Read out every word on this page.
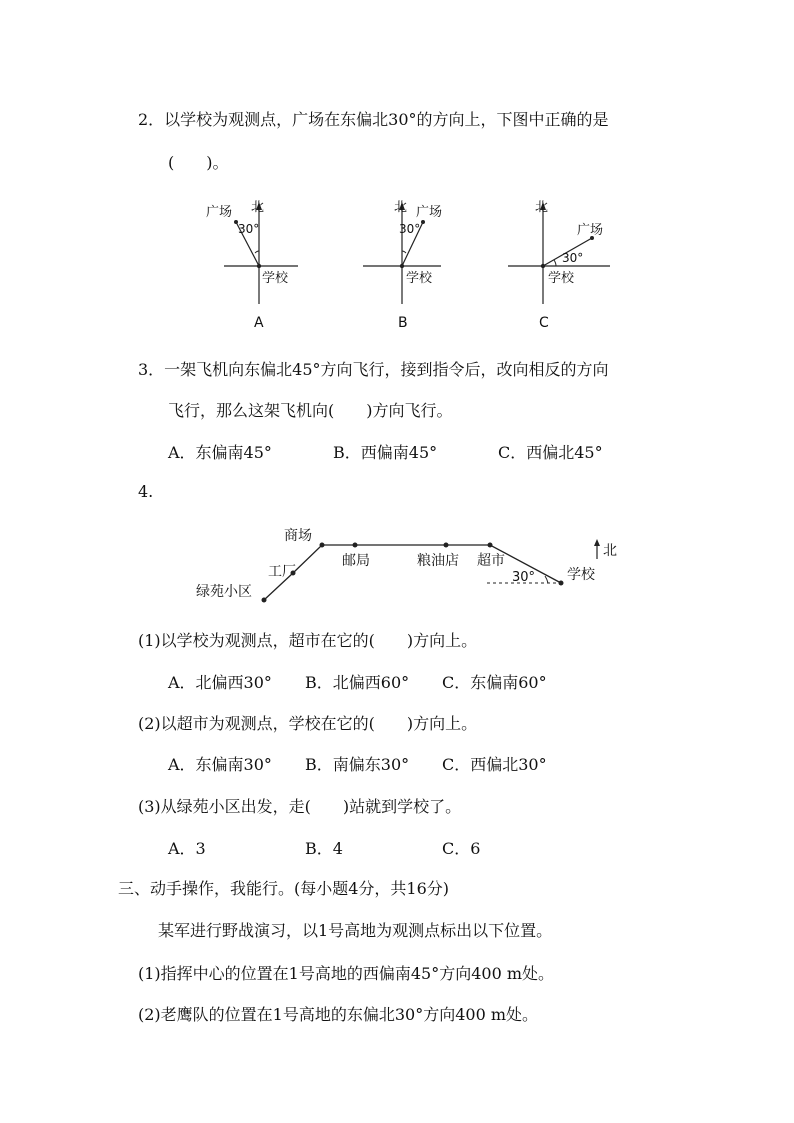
2．以学校为观测点，广场在东偏北30°的方向上，下图中正确的是
(　　)。
广场 北
30°
学校
A
北 广场
30°
学校
B
北
广场
30°
学校
C
3．一架飞机向东偏北45°方向飞行，接到指令后，改向相反的方向
飞行，那么这架飞机向(　　)方向飞行。
A．东偏南45°	B．西偏南45°	C．西偏北45°
4.
绿苑小区
工厂
商场
邮局	粮油店 超市
学校
30°
北
(1)以学校为观测点，超市在它的(　　)方向上。
A．北偏西30° B．北偏西60° C．东偏南60°
(2)以超市为观测点，学校在它的(　　)方向上。
A．东偏南30° B．南偏东30° C．西偏北30°
(3)从绿苑小区出发，走(　　)站就到学校了。
A．3	B．4	C．6
三、动手操作，我能行。(每小题4分，共16分)
某军进行野战演习，以1号高地为观测点标出以下位置。
(1)指挥中心的位置在1号高地的西偏南45°方向400 m处。
(2)老鹰队的位置在1号高地的东偏北30°方向400 m处。
